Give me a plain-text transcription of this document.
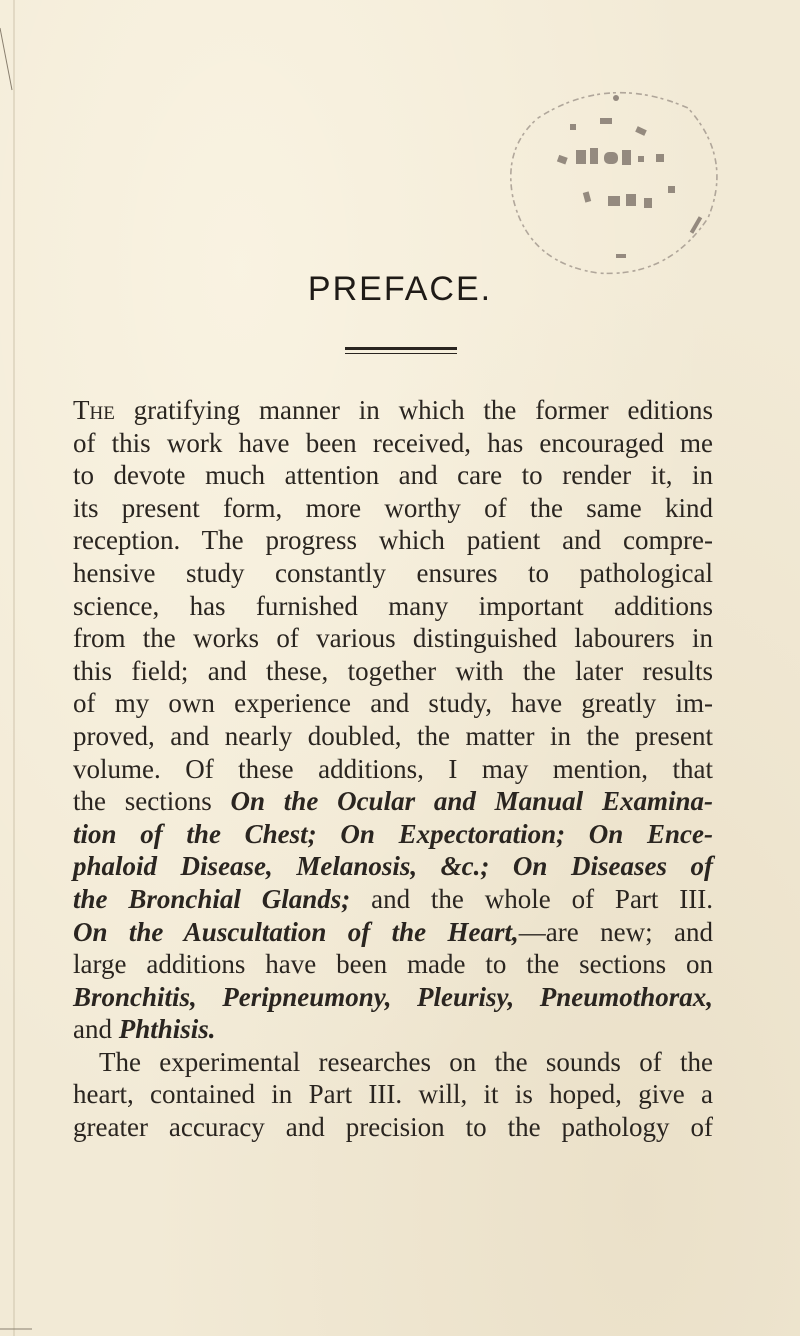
PREFACE.
The gratifying manner in which the former editions
of this work have been received, has encouraged me
to devote much attention and care to render it, in
its present form, more worthy of the same kind
reception. The progress which patient and compre-
hensive study constantly ensures to pathological
science, has furnished many important additions
from the works of various distinguished labourers in
this field; and these, together with the later results
of my own experience and study, have greatly im-
proved, and nearly doubled, the matter in the present
volume. Of these additions, I may mention, that
the sections On the Ocular and Manual Examina-
tion of the Chest; On Expectoration; On Ence-
phaloid Disease, Melanosis, &c.; On Diseases of
the Bronchial Glands; and the whole of Part III.
On the Auscultation of the Heart,—are new; and
large additions have been made to the sections on
Bronchitis, Peripneumony, Pleurisy, Pneumothorax,
and Phthisis.
The experimental researches on the sounds of the
heart, contained in Part III. will, it is hoped, give a
greater accuracy and precision to the pathology of
